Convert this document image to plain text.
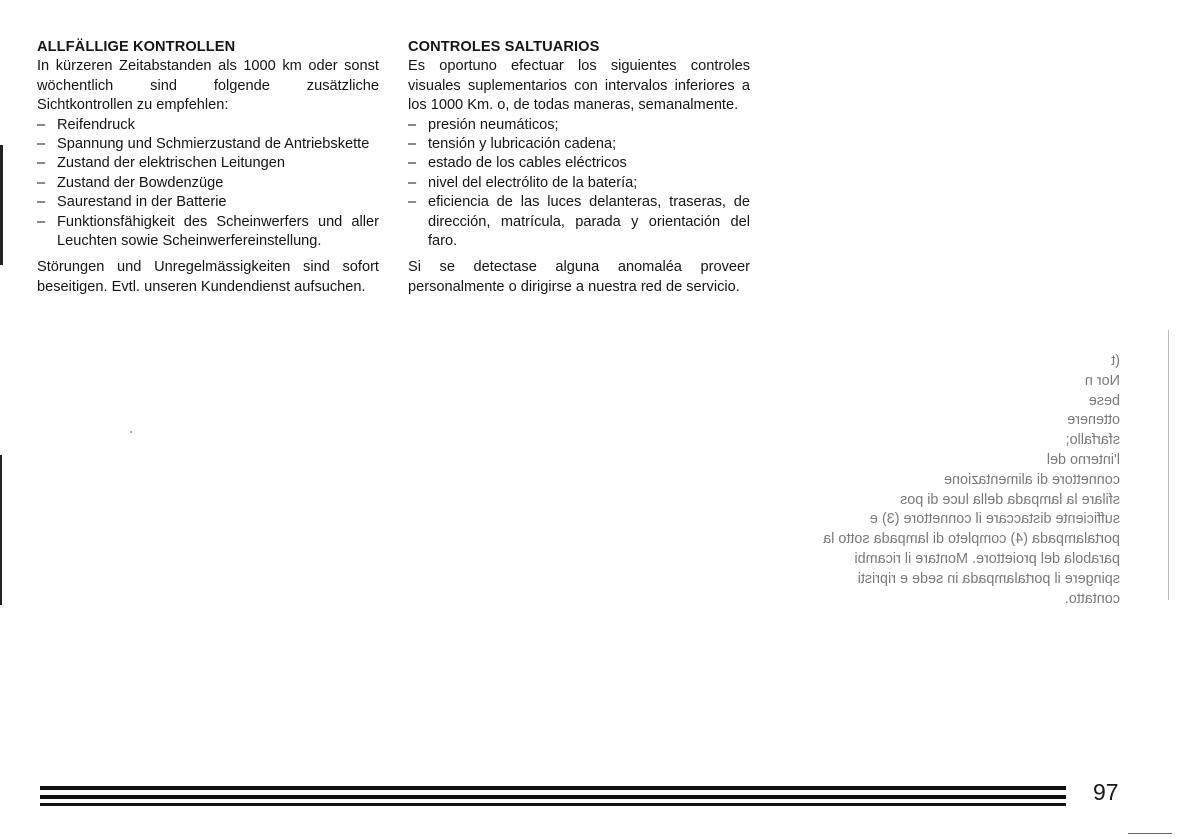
ALLFÄLLIGE KONTROLLEN

In kürzeren Zeitabstanden als 1000 km oder sonst wöchentlich sind folgende zusätzliche Sichtkontrollen zu empfehlen:

– Reifendruck
– Spannung und Schmierzustand de Antriebskette
– Zustand der elektrischen Leitungen
– Zustand der Bowdenzüge
– Saurestand in der Batterie
– Funktionsfähigkeit des Scheinwerfers und aller Leuchten sowie Scheinwerfereinstellung.

Störungen und Unregelmässigkeiten sind sofort beseitigen. Evtl. unseren Kundendienst aufsuchen.

CONTROLES SALTUARIOS

Es oportuno efectuar los siguientes controles visuales suplementarios con intervalos inferiores a los 1000 Km. o, de todas maneras, semanalmente.

– presión neumáticos;
– tensión y lubricación cadena;
– estado de los cables eléctricos
– nivel del electrólito de la batería;
– eficiencia de las luces delanteras, traseras, de dirección, matrícula, parada y orientación del faro.

Si se detectase alguna anomaléa proveer personalmente o dirigirse a nuestra red de servicio.

(t
Nor n
bese
ottenere
sfarfallo;
l'interno del
connettore di alimentazione
sfilare la lampada della luce di pos
sufficiente distaccare il connettore (3) e
portalampada (4) completo di lampada sotto la
parabola del proiettore. Montare il ricambi
spingere il portalampada in sede e ripristi
contatto.
97
